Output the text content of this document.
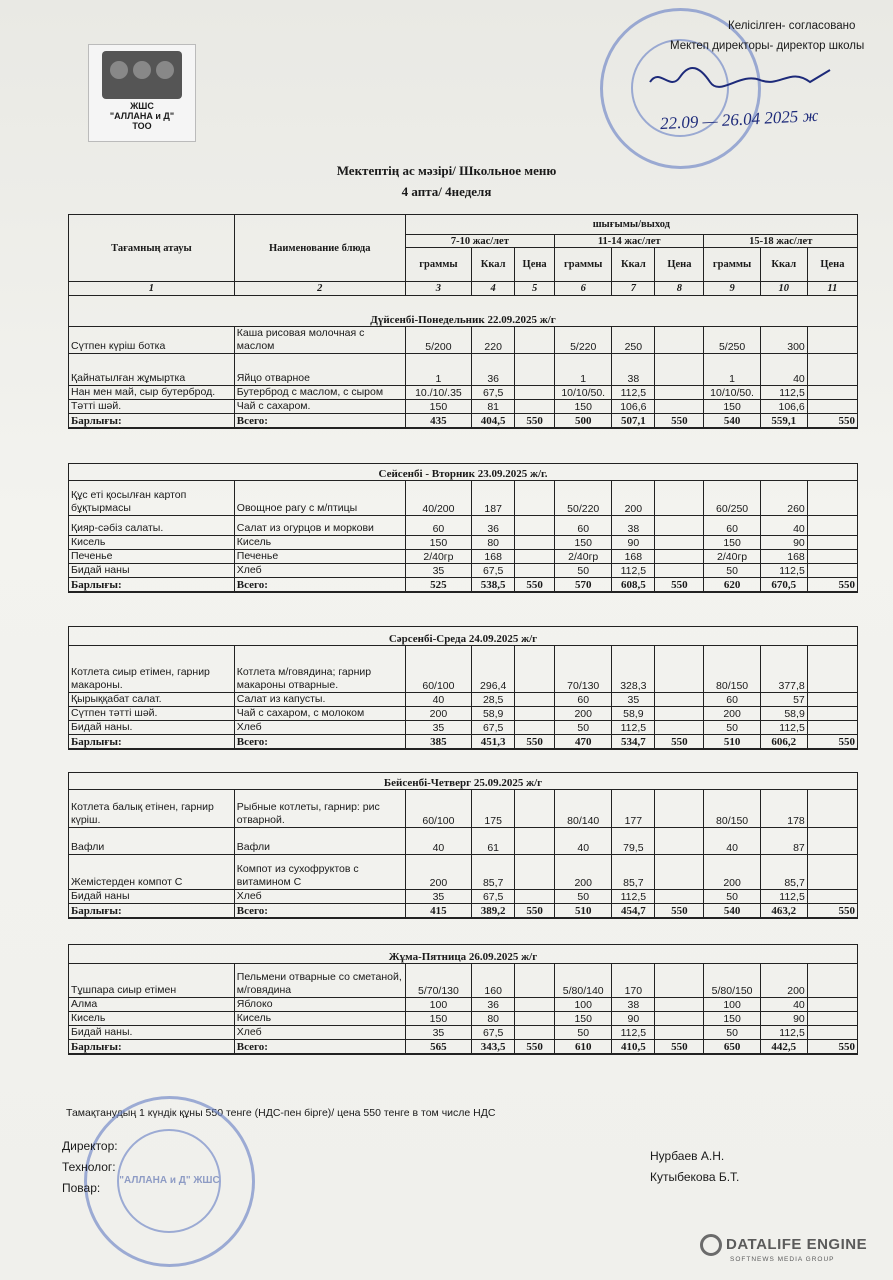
ЖШС
"АЛЛАНА и Д"
ТОО
Келісілген- согласовано
Мектеп директоры- директор школы
22.09 — 26.04 2025 ж
Мектептің ас мәзірі/ Школьное меню
4 апта/ 4неделя
Тағамның атауы	Наименование блюда	шығымы/выход								
		7-10 жас/лет			11-14 жас/лет			15-18 жас/лет		
		граммы	Ккал	Цена	граммы	Ккал	Цена	граммы	Ккал	Цена
1	2	3	4	5	6	7	8	9	10	11
Дүйсенбі-Понедельник 22.09.2025 ж/г										
Сүтпен күріш ботка	Каша рисовая молочная с маслом	5/200	220		5/220	250		5/250	300	
Қайнатылған жұмыртка	Яйцо отварное	1	36		1	38		1	40	
Нан мен май, сыр бутерброд.	Бутерброд с маслом, с сыром	10./10/.35	67,5		10/10/50.	112,5		10/10/50.	112,5	
Тәтті шәй.	Чай с сахаром.	150	81		150	106,6		150	106,6	
Барлығы:	Всего:	435	404,5	550	500	507,1	550	540	559,1	550
Сейсенбі - Вторник 23.09.2025 ж/г.										
Құс еті қосылған картоп бұқтырмасы	Овощное рагу с м/птицы	40/200	187		50/220	200		60/250	260	
Қияр-сәбіз салаты.	Салат из огурцов и моркови	60	36		60	38		60	40	
Кисель	Кисель	150	80		150	90		150	90	
Печенье	Печенье	2/40гр	168		2/40гр	168		2/40гр	168	
Бидай наны	Хлеб	35	67,5		50	112,5		50	112,5	
Барлығы:	Всего:	525	538,5	550	570	608,5	550	620	670,5	550
Сәрсенбі-Среда 24.09.2025 ж/г										
Котлета сиыр етімен, гарнир макароны.	Котлета м/говядина; гарнир макароны отварные.	60/100	296,4		70/130	328,3		80/150	377,8	
Қырыққабат салат.	Салат из капусты.	40	28,5		60	35		60	57	
Сүтпен тәтті шәй.	Чай с сахаром, с молоком	200	58,9		200	58,9		200	58,9	
Бидай наны.	Хлеб	35	67,5		50	112,5		50	112,5	
Барлығы:	Всего:	385	451,3	550	470	534,7	550	510	606,2	550
Бейсенбі-Четверг 25.09.2025 ж/г										
Котлета балық етінен, гарнир күріш.	Рыбные котлеты, гарнир: рис отварной.	60/100	175		80/140	177		80/150	178	
Вафли	Вафли	40	61		40	79,5		40	87	
Жемістерден компот С	Компот из сухофруктов с витамином С	200	85,7		200	85,7		200	85,7	
Бидай наны	Хлеб	35	67,5		50	112,5		50	112,5	
Барлығы:	Всего:	415	389,2	550	510	454,7	550	540	463,2	550
Жұма-Пятница 26.09.2025 ж/г										
Тұшпара сиыр етімен	Пельмени отварные со сметаной, м/говядина	5/70/130	160		5/80/140	170		5/80/150	200	
Алма	Яблоко	100	36		100	38		100	40	
Кисель	Кисель	150	80		150	90		150	90	
Бидай наны.	Хлеб	35	67,5		50	112,5		50	112,5	
Барлығы:	Всего:	565	343,5	550	610	410,5	550	650	442,5	550
Тамақтанудың 1 күндік құны 550 тенге (НДС-пен бірге)/ цена 550 тенге в том числе НДС
"АЛЛАНА и Д" ЖШС
Директор:
Технолог:
Повар:
Нурбаев А.Н.
Кутыбекова Б.Т.
DATALIFE ENGINE
SOFTNEWS MEDIA GROUP
